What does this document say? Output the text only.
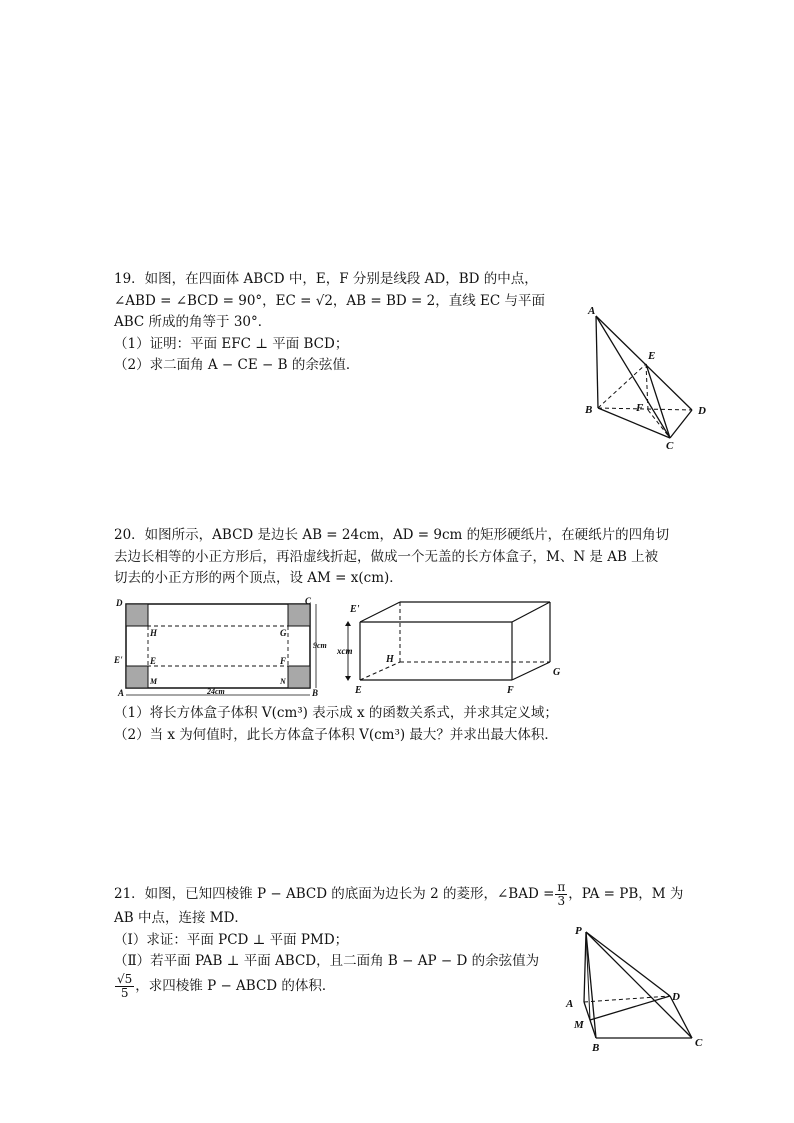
19．如图，在四面体 ABCD 中，E，F 分别是线段 AD，BD 的中点，
∠ABD = ∠BCD = 90°，EC = √2，AB = BD = 2，直线 EC 与平面
ABC 所成的角等于 30°．
（1）证明：平面 EFC ⊥ 平面 BCD；
（2）求二面角 A − CE − B 的余弦值．
A
E
B	F	D
C
20．如图所示，ABCD 是边长 AB = 24cm，AD = 9cm 的矩形硬纸片，在硬纸片的四角切
去边长相等的小正方形后，再沿虚线折起，做成一个无盖的长方体盒子，M、N 是 AB 上被
切去的小正方形的两个顶点，设 AM = x(cm)．
D	C
H	G
9cm
E'	E	F
M	N
A	24cm	B
E'
xcm
H
G
E	F
（1）将长方体盒子体积 V(cm³) 表示成 x 的函数关系式，并求其定义域；
（2）当 x 为何值时，此长方体盒子体积 V(cm³) 最大？并求出最大体积．
21．如图，已知四棱锥 P − ABCD 的底面为边长为 2 的菱形，∠BAD = $\frac{\pi}{3}$ ，PA = PB，M 为
AB 中点，连接 MD．
（Ⅰ）求证：平面 PCD ⊥ 平面 PMD；
（Ⅱ）若平面 PAB ⊥ 平面 ABCD，且二面角 B − AP − D 的余弦值为
$\frac{√5}{5}$ ，求四棱锥 P − ABCD 的体积．
P
A
D
M
B	C
